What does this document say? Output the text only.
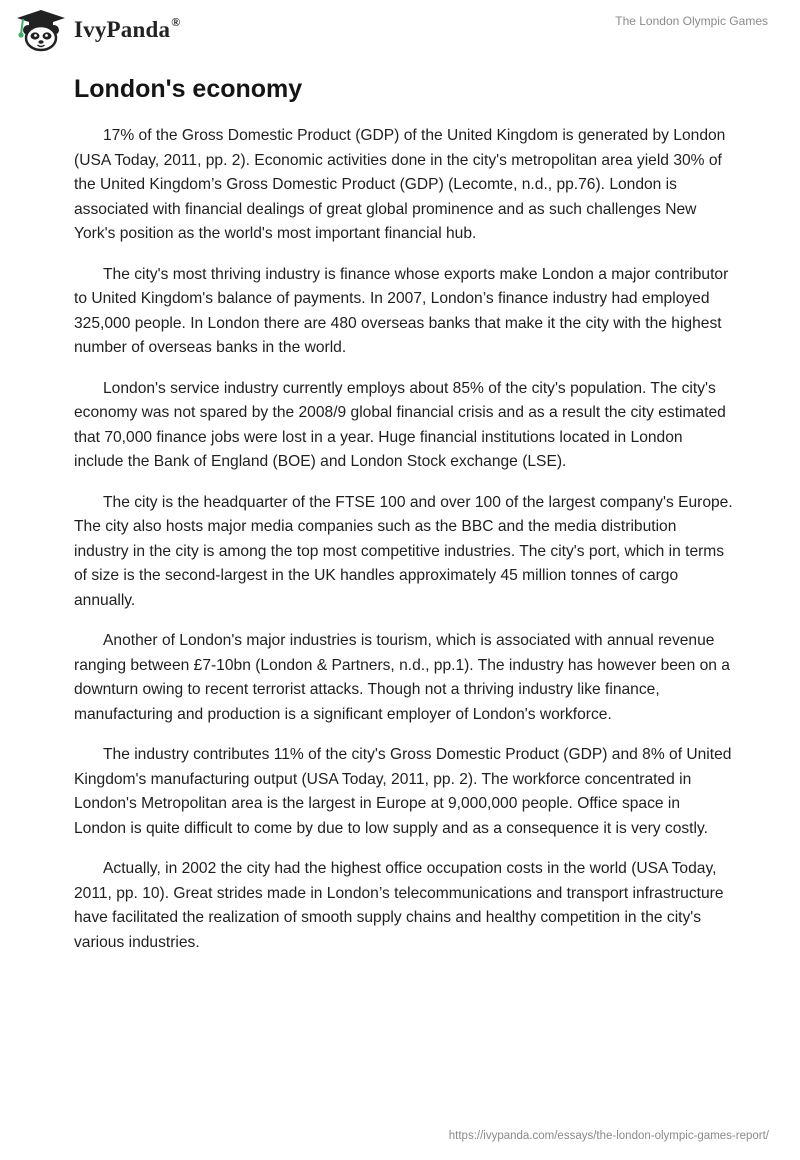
IvyPanda®	The London Olympic Games
London's economy

17% of the Gross Domestic Product (GDP) of the United Kingdom is generated by London (USA Today, 2011, pp. 2). Economic activities done in the city's metropolitan area yield 30% of the United Kingdom’s Gross Domestic Product (GDP) (Lecomte, n.d., pp.76). London is associated with financial dealings of great global prominence and as such challenges New York's position as the world's most important financial hub.

The city's most thriving industry is finance whose exports make London a major contributor to United Kingdom's balance of payments. In 2007, London’s finance industry had employed 325,000 people. In London there are 480 overseas banks that make it the city with the highest number of overseas banks in the world.

London's service industry currently employs about 85% of the city's population. The city's economy was not spared by the 2008/9 global financial crisis and as a result the city estimated that 70,000 finance jobs were lost in a year. Huge financial institutions located in London include the Bank of England (BOE) and London Stock exchange (LSE).

The city is the headquarter of the FTSE 100 and over 100 of the largest company's Europe. The city also hosts major media companies such as the BBC and the media distribution industry in the city is among the top most competitive industries. The city's port, which in terms of size is the second-largest in the UK handles approximately 45 million tonnes of cargo annually.

Another of London's major industries is tourism, which is associated with annual revenue ranging between £7-10bn (London & Partners, n.d., pp.1). The industry has however been on a downturn owing to recent terrorist attacks. Though not a thriving industry like finance, manufacturing and production is a significant employer of London's workforce.

The industry contributes 11% of the city's Gross Domestic Product (GDP) and 8% of United Kingdom's manufacturing output (USA Today, 2011, pp. 2). The workforce concentrated in London's Metropolitan area is the largest in Europe at 9,000,000 people. Office space in London is quite difficult to come by due to low supply and as a consequence it is very costly.

Actually, in 2002 the city had the highest office occupation costs in the world (USA Today, 2011, pp. 10). Great strides made in London’s telecommunications and transport infrastructure have facilitated the realization of smooth supply chains and healthy competition in the city's various industries.

https://ivypanda.com/essays/the-london-olympic-games-report/
